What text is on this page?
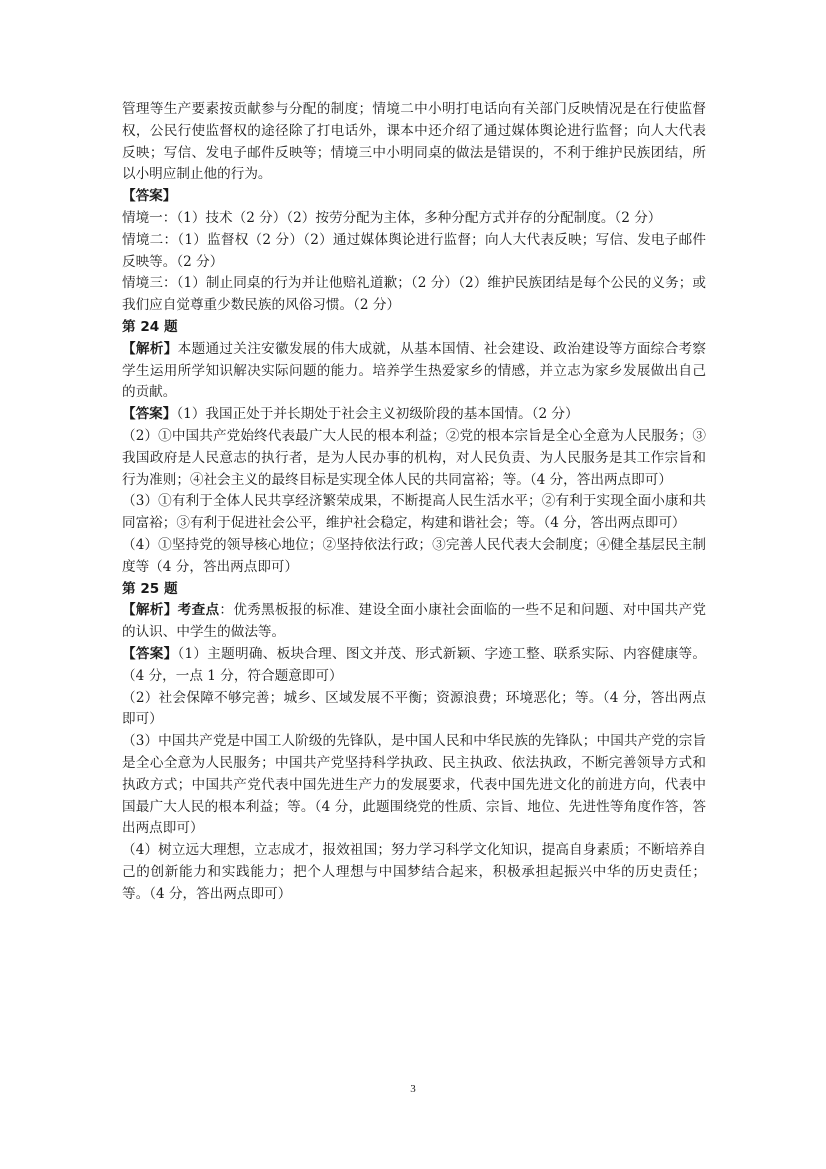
管理等生产要素按贡献参与分配的制度；情境二中小明打电话向有关部门反映情况是在行使监督权，公民行使监督权的途径除了打电话外，课本中还介绍了通过媒体舆论进行监督；向人大代表反映；写信、发电子邮件反映等；情境三中小明同桌的做法是错误的，不利于维护民族团结，所以小明应制止他的行为。

【答案】

情境一：（1）技术（2 分）（2）按劳分配为主体，多种分配方式并存的分配制度。（2 分）

情境二：（1）监督权（2 分）（2）通过媒体舆论进行监督；向人大代表反映；写信、发电子邮件反映等。（2 分）

情境三：（1）制止同桌的行为并让他赔礼道歉；（2 分）（2）维护民族团结是每个公民的义务；或我们应自觉尊重少数民族的风俗习惯。（2 分）

第 24 题

【解析】本题通过关注安徽发展的伟大成就，从基本国情、社会建设、政治建设等方面综合考察学生运用所学知识解决实际问题的能力。培养学生热爱家乡的情感，并立志为家乡发展做出自己的贡献。

【答案】（1）我国正处于并长期处于社会主义初级阶段的基本国情。（2 分）

（2）①中国共产党始终代表最广大人民的根本利益；②党的根本宗旨是全心全意为人民服务；③我国政府是人民意志的执行者，是为人民办事的机构，对人民负责、为人民服务是其工作宗旨和行为准则；④社会主义的最终目标是实现全体人民的共同富裕；等。（4 分，答出两点即可）

（3）①有利于全体人民共享经济繁荣成果，不断提高人民生活水平；②有利于实现全面小康和共同富裕；③有利于促进社会公平，维护社会稳定，构建和谐社会；等。（4 分，答出两点即可）

（4）①坚持党的领导核心地位；②坚持依法行政；③完善人民代表大会制度；④健全基层民主制度等（4 分，答出两点即可）

第 25 题

【解析】考查点：优秀黑板报的标准、建设全面小康社会面临的一些不足和问题、对中国共产党的认识、中学生的做法等。

【答案】（1）主题明确、板块合理、图文并茂、形式新颖、字迹工整、联系实际、内容健康等。（4 分，一点 1 分，符合题意即可）

（2）社会保障不够完善；城乡、区域发展不平衡；资源浪费；环境恶化；等。（4 分，答出两点即可）

（3）中国共产党是中国工人阶级的先锋队，是中国人民和中华民族的先锋队；中国共产党的宗旨是全心全意为人民服务；中国共产党坚持科学执政、民主执政、依法执政，不断完善领导方式和执政方式；中国共产党代表中国先进生产力的发展要求，代表中国先进文化的前进方向，代表中国最广大人民的根本利益；等。（4 分，此题围绕党的性质、宗旨、地位、先进性等角度作答，答出两点即可）

（4）树立远大理想，立志成才，报效祖国；努力学习科学文化知识，提高自身素质；不断培养自己的创新能力和实践能力；把个人理想与中国梦结合起来，积极承担起振兴中华的历史责任；等。（4 分，答出两点即可）

3
